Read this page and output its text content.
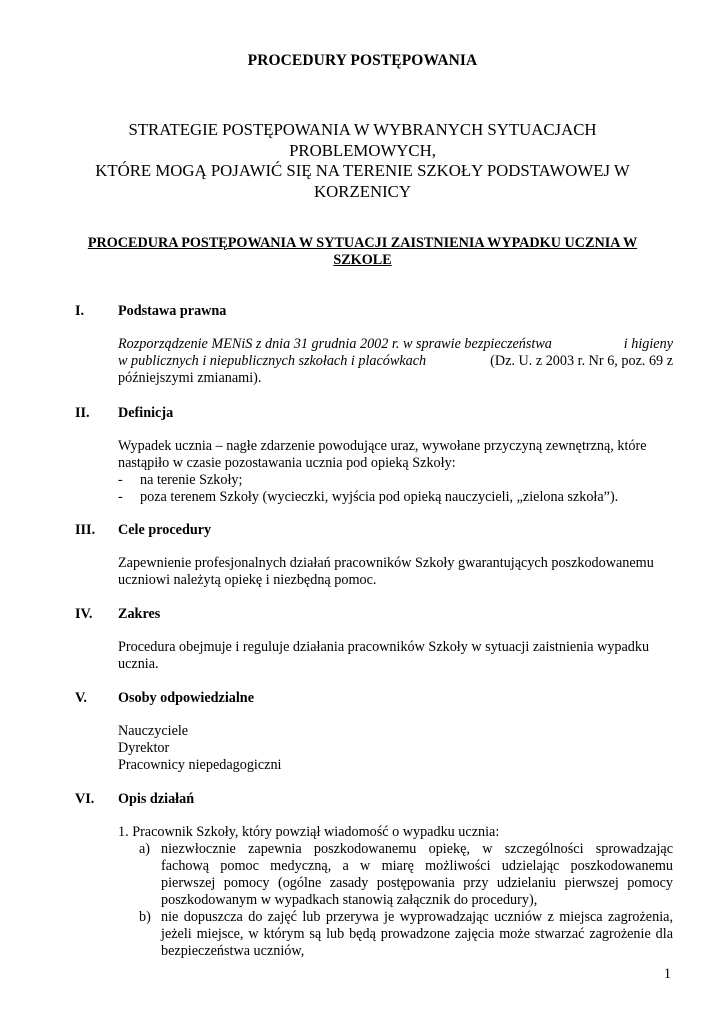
PROCEDURY POSTĘPOWANIA
STRATEGIE POSTĘPOWANIA W WYBRANYCH SYTUACJACH
PROBLEMOWYCH,
KTÓRE MOGĄ POJAWIĆ SIĘ NA TERENIE SZKOŁY PODSTAWOWEJ W
KORZENICY
PROCEDURA POSTĘPOWANIA W SYTUACJI ZAISTNIENIA WYPADKU UCZNIA W
SZKOLE
I. Podstawa prawna
Rozporządzenie MENiS z dnia 31 grudnia 2002 r. w sprawie bezpieczeństwa	i higieny
w publicznych i niepublicznych szkołach i placówkach	(Dz. U. z 2003 r. Nr 6, poz. 69 z
późniejszymi zmianami).
II. Definicja
Wypadek ucznia – nagłe zdarzenie powodujące uraz, wywołane przyczyną zewnętrzną, które
nastąpiło w czasie pozostawania ucznia pod opieką Szkoły:
- na terenie Szkoły;
- poza terenem Szkoły (wycieczki, wyjścia pod opieką nauczycieli, „zielona szkoła”).
III. Cele procedury
Zapewnienie profesjonalnych działań pracowników Szkoły gwarantujących poszkodowanemu
uczniowi należytą opiekę i niezbędną pomoc.
IV. Zakres
Procedura obejmuje i reguluje działania pracowników Szkoły w sytuacji zaistnienia wypadku
ucznia.
V. Osoby odpowiedzialne
Nauczyciele
Dyrektor
Pracownicy niepedagogiczni
VI. Opis działań
1. Pracownik Szkoły, który powziął wiadomość o wypadku ucznia:
a) niezwłocznie zapewnia poszkodowanemu opiekę, w szczególności sprowadzając
fachową pomoc medyczną, a w miarę możliwości udzielając poszkodowanemu
pierwszej pomocy (ogólne zasady postępowania przy udzielaniu pierwszej pomocy
poszkodowanym w wypadkach stanowią załącznik do procedury),
b) nie dopuszcza do zajęć lub przerywa je wyprowadzając uczniów z miejsca zagrożenia,
jeżeli miejsce, w którym są lub będą prowadzone zajęcia może stwarzać zagrożenie dla
bezpieczeństwa uczniów,
1
